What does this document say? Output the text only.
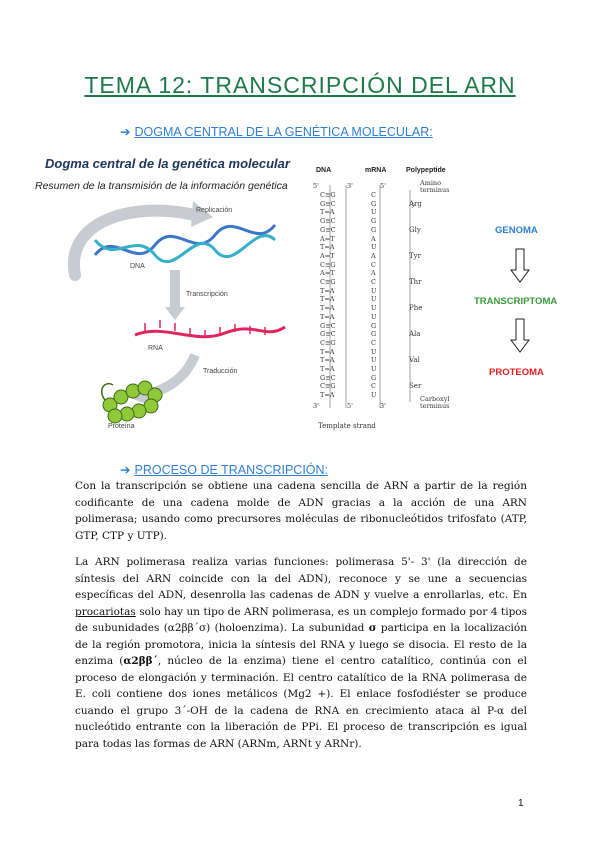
TEMA 12: TRANSCRIPCIÓN DEL ARN
➔ DOGMA CENTRAL DE LA GENÉTICA MOLECULAR:
Dogma central de la genética molecular
Resumen de la transmisión de la información genética
Replicación
DNA
Transcripción
RNA
Traducción
Proteína
DNA	mRNA	Polypeptide
5'	3'	5'	Amino
terminus
C≡G	C
G≡C	G
T=A	U
G≡C	G
G≡C	G
A=T	A
T=A	U
A=T	A
C≡G	C
A=T	A
C≡G	C
T=A	U
T=A	U
T=A	U
T=A	U
G≡C	G
G≡C	G
C≡G	C
T=A	U
T=A	U
T=A	U
G≡C	G
C≡G	C
T=A	U
Arg
Gly
Tyr
Thr
Phe
Ala
Val
Ser
3'	5'	3'
Carboxyl
terminus
Template strand
GENOMA
TRANSCRIPTOMA
PROTEOMA
➔ PROCESO DE TRANSCRIPCIÓN:

Con la transcripción se obtiene una cadena sencilla de ARN a partir de la región codificante de una cadena molde de ADN gracias a la acción de una ARN polimerasa; usando como precursores moléculas de ribonucleótidos trifosfato (ATP, GTP, CTP y UTP).

La ARN polimerasa realiza varias funciones: polimerasa 5'- 3' (la dirección de síntesis del ARN coincide con la del ADN), reconoce y se une a secuencias específicas del ADN, desenrolla las cadenas de ADN y vuelve a enrollarlas, etc. En procariotas solo hay un tipo de ARN polimerasa, es un complejo formado por 4 tipos de subunidades (α2ββ´σ) (holoenzima). La subunidad σ participa en la localización de la región promotora, inicia la síntesis del RNA y luego se disocia. El resto de la enzima (α2ββ´, núcleo de la enzima) tiene el centro catalítico, continúa con el proceso de elongación y terminación. El centro catalítico de la RNA polimerasa de E. coli contiene dos iones metálicos (Mg2 +). El enlace fosfodiéster se produce cuando el grupo 3´-OH de la cadena de RNA en crecimiento ataca al P-α del nucleótido entrante con la liberación de PPi. El proceso de transcripción es igual para todas las formas de ARN (ARNm, ARNt y ARNr).

1
